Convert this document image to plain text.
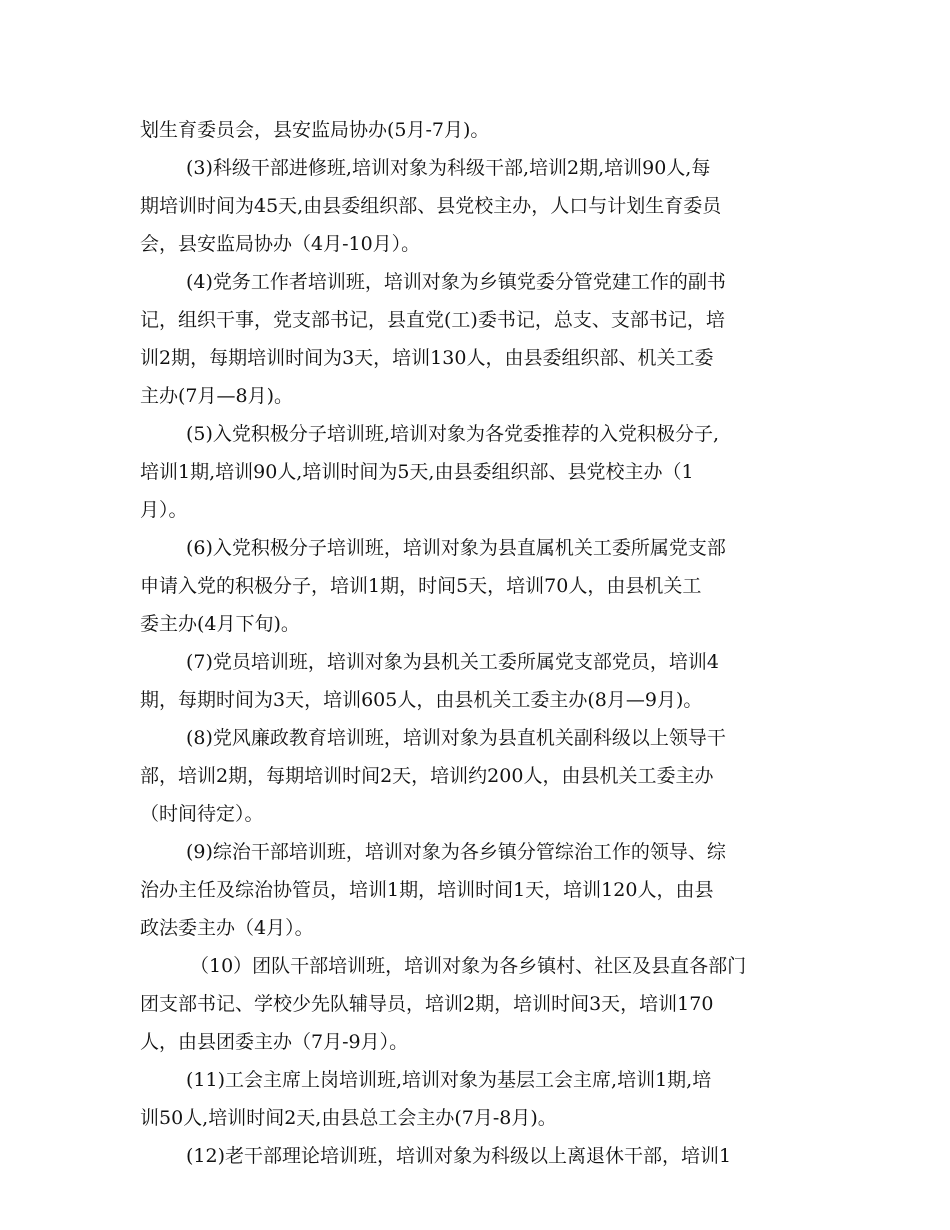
划生育委员会，县安监局协办(5月-7月)。
(3)科级干部进修班,培训对象为科级干部,培训2期,培训90人,每
期培训时间为45天,由县委组织部、县党校主办，人口与计划生育委员
会，县安监局协办（4月-10月）。
(4)党务工作者培训班，培训对象为乡镇党委分管党建工作的副书
记，组织干事，党支部书记，县直党(工)委书记，总支、支部书记，培
训2期，每期培训时间为3天，培训130人，由县委组织部、机关工委
主办(7月—8月)。
(5)入党积极分子培训班,培训对象为各党委推荐的入党积极分子,
培训1期,培训90人,培训时间为5天,由县委组织部、县党校主办（1
月）。
(6)入党积极分子培训班，培训对象为县直属机关工委所属党支部
申请入党的积极分子，培训1期，时间5天，培训70人，由县机关工
委主办(4月下旬)。
(7)党员培训班，培训对象为县机关工委所属党支部党员，培训4
期，每期时间为3天，培训605人，由县机关工委主办(8月—9月)。
(8)党风廉政教育培训班，培训对象为县直机关副科级以上领导干
部，培训2期，每期培训时间2天，培训约200人，由县机关工委主办
（时间待定）。
(9)综治干部培训班，培训对象为各乡镇分管综治工作的领导、综
治办主任及综治协管员，培训1期，培训时间1天，培训120人，由县
政法委主办（4月）。
（10）团队干部培训班，培训对象为各乡镇村、社区及县直各部门
团支部书记、学校少先队辅导员，培训2期，培训时间3天，培训170
人，由县团委主办（7月-9月）。
(11)工会主席上岗培训班,培训对象为基层工会主席,培训1期,培
训50人,培训时间2天,由县总工会主办(7月-8月)。
(12)老干部理论培训班，培训对象为科级以上离退休干部，培训1
